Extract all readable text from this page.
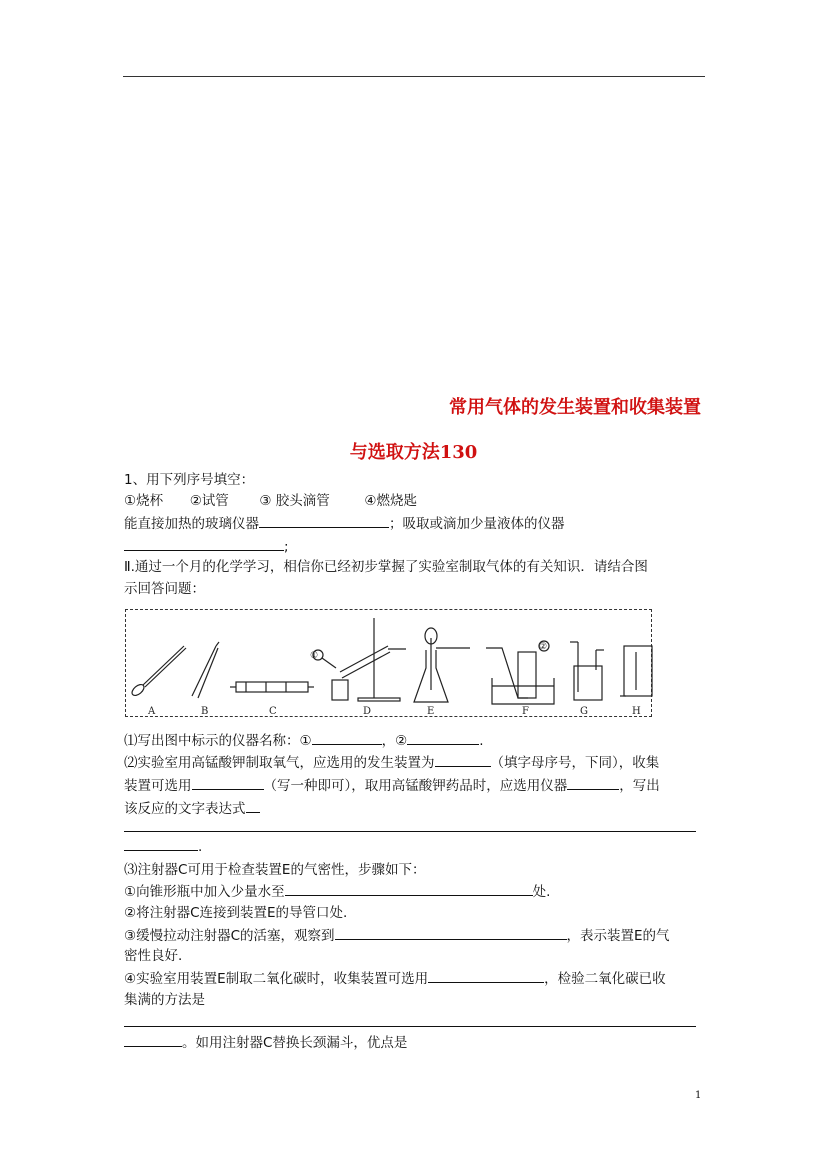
常用气体的发生装置和收集装置
与选取方法130
1、用下列序号填空：
①烧杯 ②试管 ③ 胶头滴管	④燃烧匙
能直接加热的玻璃仪器	；吸取或滴加少量液体的仪器
;
Ⅱ.通过一个月的化学学习，相信你已经初步掌握了实验室制取气体的有关知识．请结合图
示回答问题：
①
②
A	B	C	D	E	F	G	H
⑴写出图中标示的仪器名称：①	，②	.
⑵实验室用高锰酸钾制取氧气，应选用的发生装置为	（填字母序号，下同），收集
装置可选用	（写一种即可），取用高锰酸钾药品时，应选用仪器	，写出
该反应的文字表达式
.
⑶注射器C可用于检查装置E的气密性，步骤如下：
①向锥形瓶中加入少量水至	处.
②将注射器C连接到装置E的导管口处.
③缓慢拉动注射器C的活塞，观察到	，表示装置E的气
密性良好.
④实验室用装置E制取二氧化碳时，收集装置可选用	，检验二氧化碳已收
集满的方法是
。如用注射器C替换长颈漏斗，优点是
1
